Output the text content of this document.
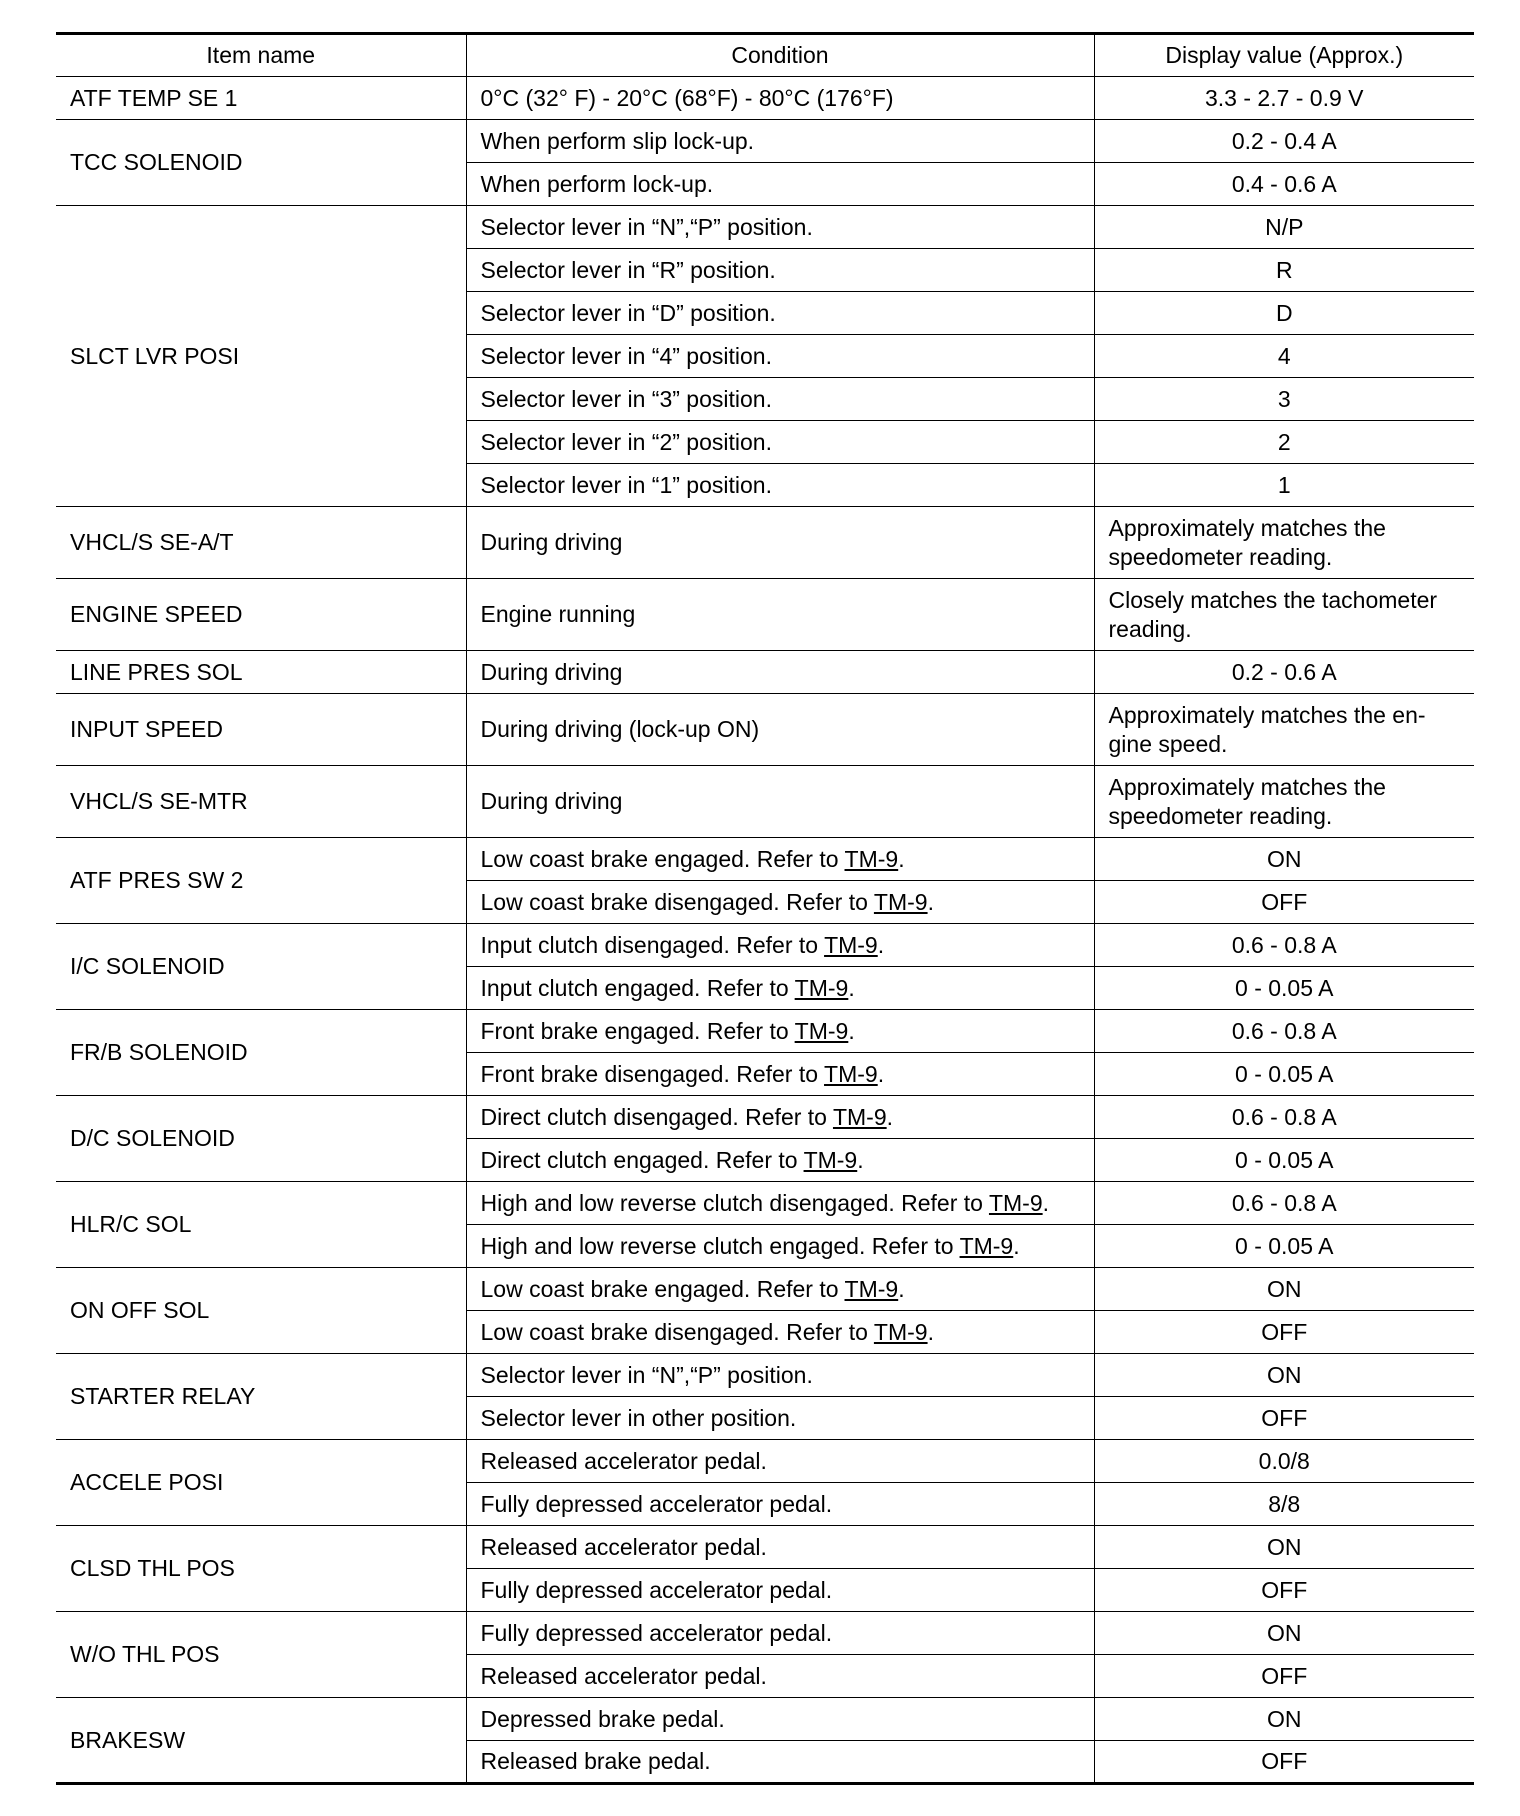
Item name	Condition	Display value (Approx.)
ATF TEMP SE 1	0°C (32° F) - 20°C (68°F) - 80°C (176°F)	3.3 - 2.7 - 0.9 V
TCC SOLENOID	When perform slip lock-up.	0.2 - 0.4 A
	When perform lock-up.	0.4 - 0.6 A
SLCT LVR POSI	Selector lever in “N”,“P” position.	N/P
	Selector lever in “R” position.	R
	Selector lever in “D” position.	D
	Selector lever in “4” position.	4
	Selector lever in “3” position.	3
	Selector lever in “2” position.	2
	Selector lever in “1” position.	1
VHCL/S SE-A/T	During driving	Approximately matches the speedometer reading.
ENGINE SPEED	Engine running	Closely matches the tachometer reading.
LINE PRES SOL	During driving	0.2 - 0.6 A
INPUT SPEED	During driving (lock-up ON)	Approximately matches the en-gine speed.
VHCL/S SE-MTR	During driving	Approximately matches the speedometer reading.
ATF PRES SW 2	Low coast brake engaged. Refer to TM-9.	ON
	Low coast brake disengaged. Refer to TM-9.	OFF
I/C SOLENOID	Input clutch disengaged. Refer to TM-9.	0.6 - 0.8 A
	Input clutch engaged. Refer to TM-9.	0 - 0.05 A
FR/B SOLENOID	Front brake engaged. Refer to TM-9.	0.6 - 0.8 A
	Front brake disengaged. Refer to TM-9.	0 - 0.05 A
D/C SOLENOID	Direct clutch disengaged. Refer to TM-9.	0.6 - 0.8 A
	Direct clutch engaged. Refer to TM-9.	0 - 0.05 A
HLR/C SOL	High and low reverse clutch disengaged. Refer to TM-9.	0.6 - 0.8 A
	High and low reverse clutch engaged. Refer to TM-9.	0 - 0.05 A
ON OFF SOL	Low coast brake engaged. Refer to TM-9.	ON
	Low coast brake disengaged. Refer to TM-9.	OFF
STARTER RELAY	Selector lever in “N”,“P” position.	ON
	Selector lever in other position.	OFF
ACCELE POSI	Released accelerator pedal.	0.0/8
	Fully depressed accelerator pedal.	8/8
CLSD THL POS	Released accelerator pedal.	ON
	Fully depressed accelerator pedal.	OFF
W/O THL POS	Fully depressed accelerator pedal.	ON
	Released accelerator pedal.	OFF
BRAKESW	Depressed brake pedal.	ON
	Released brake pedal.	OFF
